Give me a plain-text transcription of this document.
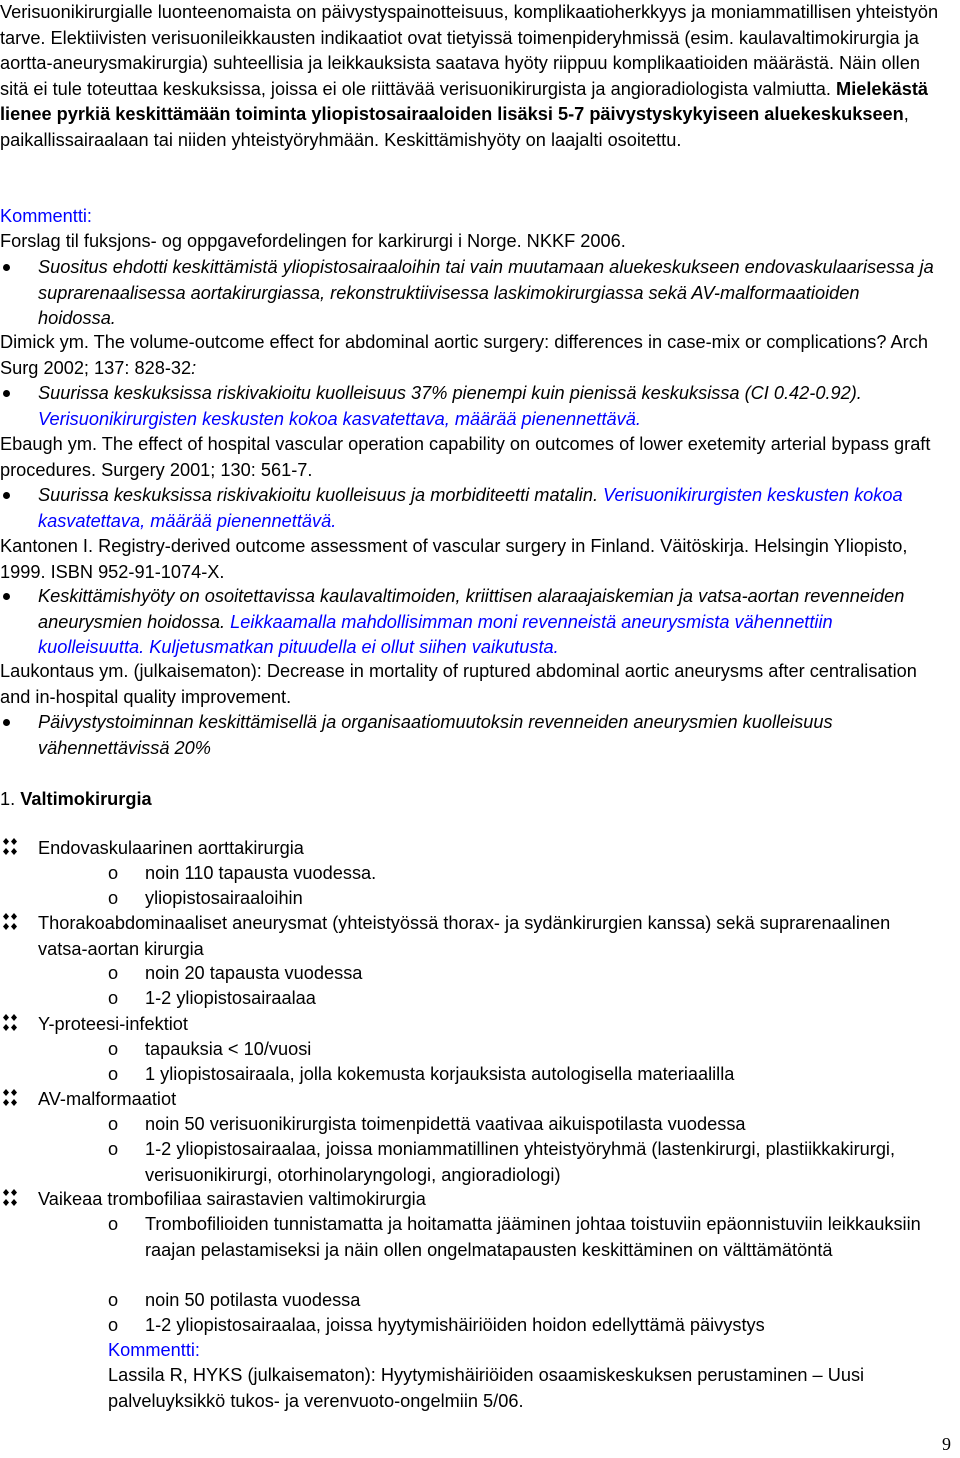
Verisuonikirurgialle luonteenomaista on päivystyspainotteisuus, komplikaatioherkkyys ja moniammatillisen yhteistyön tarve. Elektiivisten verisuonileikkausten indikaatiot ovat tietyissä toimenpideryhmissä (esim. kaulavaltimokirurgia ja aortta-aneurysmakirurgia) suhteellisia ja leikkauksista saatava hyöty riippuu komplikaatioiden määrästä. Näin ollen sitä ei tule toteuttaa keskuksissa, joissa ei ole riittävää verisuonikirurgista ja angioradiologista valmiutta. Mielekästä lienee pyrkiä keskittämään toiminta yliopistosairaaloiden lisäksi 5-7 päivystyskykyiseen aluekeskukseen, paikallissairaalaan tai niiden yhteistyöryhmään. Keskittämishyöty on laajalti osoitettu.

Kommentti:

Forslag til fuksjons- og oppgavefordelingen for karkirurgi i Norge. NKKF 2006.

Suositus ehdotti keskittämistä yliopistosairaaloihin tai vain muutamaan aluekeskukseen endovaskulaarisessa ja suprarenaalisessa aortakirurgiassa, rekonstruktiivisessa laskimokirurgiassa sekä AV-malformaatioiden hoidossa.

Dimick ym. The volume-outcome effect for abdominal aortic surgery: differences in case-mix or complications? Arch Surg 2002; 137: 828-32:

Suurissa keskuksissa riskivakioitu kuolleisuus 37% pienempi kuin pienissä keskuksissa (CI 0.42-0.92). Verisuonikirurgisten keskusten kokoa kasvatettava, määrää pienennettävä.

Ebaugh ym. The effect of hospital vascular operation capability on outcomes of lower exetemity arterial bypass graft procedures. Surgery 2001; 130: 561-7.

Suurissa keskuksissa riskivakioitu kuolleisuus ja morbiditeetti matalin. Verisuonikirurgisten keskusten kokoa kasvatettava, määrää pienennettävä.

Kantonen I. Registry-derived outcome assessment of vascular surgery in Finland. Väitöskirja. Helsingin Yliopisto, 1999. ISBN 952-91-1074-X.

Keskittämishyöty on osoitettavissa kaulavaltimoiden, kriittisen alaraajaiskemian ja vatsa-aortan revenneiden aneurysmien hoidossa. Leikkaamalla mahdollisimman moni revenneistä aneurysmista vähennettiin kuolleisuutta. Kuljetusmatkan pituudella ei ollut siihen vaikutusta.

Laukontaus ym. (julkaisematon): Decrease in mortality of ruptured abdominal aortic aneurysms after centralisation and in-hospital quality improvement.

Päivystystoiminnan keskittämisellä ja organisaatiomuutoksin revenneiden aneurysmien kuolleisuus vähennettävissä 20%

1. Valtimokirurgia

Endovaskulaarinen aorttakirurgia
o noin 110 tapausta vuodessa.
o yliopistosairaaloihin
Thorakoabdominaaliset aneurysmat (yhteistyössä thorax- ja sydänkirurgien kanssa) sekä suprarenaalinen vatsa-aortan kirurgia
o noin 20 tapausta vuodessa
o 1-2 yliopistosairaalaa
Y-proteesi-infektiot
o tapauksia < 10/vuosi
o 1 yliopistosairaala, jolla kokemusta korjauksista autologisella materiaalilla
AV-malformaatiot
o noin 50 verisuonikirurgista toimenpidettä vaativaa aikuispotilasta vuodessa
o 1-2 yliopistosairaalaa, joissa moniammatillinen yhteistyöryhmä (lastenkirurgi, plastiikkakirurgi, verisuonikirurgi, otorhinolaryngologi, angioradiologi)
Vaikeaa trombofiliaa sairastavien valtimokirurgia
o Trombofilioiden tunnistamatta ja hoitamatta jääminen johtaa toistuviin epäonnistuviin leikkauksiin raajan pelastamiseksi ja näin ollen ongelmatapausten keskittäminen on välttämätöntä
o noin 50 potilasta vuodessa
o 1-2 yliopistosairaalaa, joissa hyytymishäiriöiden hoidon edellyttämä päivystys

Kommentti:

Lassila R, HYKS (julkaisematon): Hyytymishäiriöiden osaamiskeskuksen perustaminen – Uusi palveluyksikkö tukos- ja verenvuoto-ongelmiin 5/06.

9
